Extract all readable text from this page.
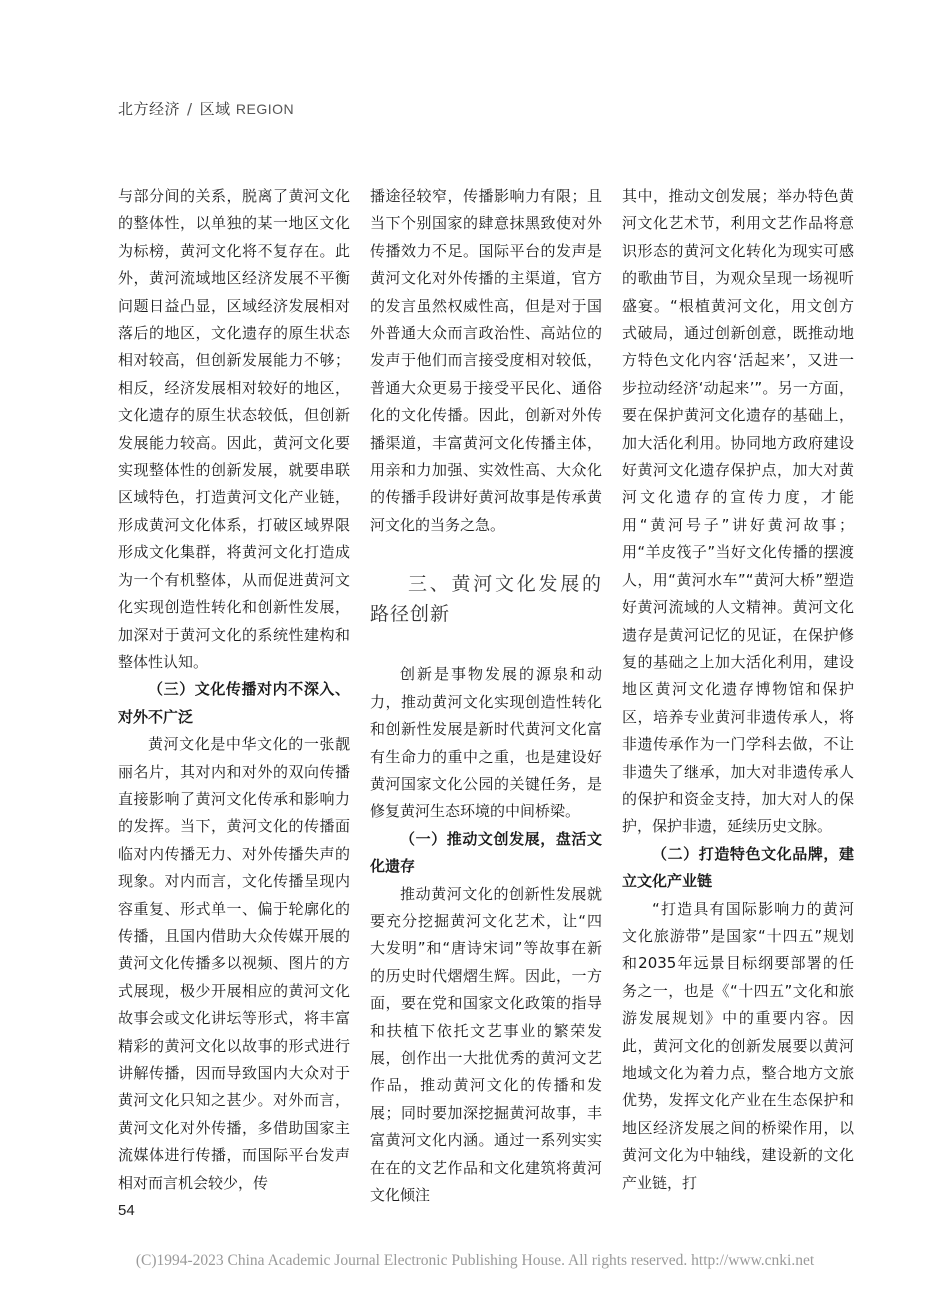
北方经济 / 区域 REGION

与部分间的关系，脱离了黄河文化的整体性，以单独的某一地区文化为标榜，黄河文化将不复存在。此外，黄河流域地区经济发展不平衡问题日益凸显，区域经济发展相对落后的地区，文化遗存的原生状态相对较高，但创新发展能力不够；相反，经济发展相对较好的地区，文化遗存的原生状态较低，但创新发展能力较高。因此，黄河文化要实现整体性的创新发展，就要串联区域特色，打造黄河文化产业链，形成黄河文化体系，打破区域界限形成文化集群，将黄河文化打造成为一个有机整体，从而促进黄河文化实现创造性转化和创新性发展，加深对于黄河文化的系统性建构和整体性认知。

（三）文化传播对内不深入、对外不广泛

黄河文化是中华文化的一张靓丽名片，其对内和对外的双向传播直接影响了黄河文化传承和影响力的发挥。当下，黄河文化的传播面临对内传播无力、对外传播失声的现象。对内而言，文化传播呈现内容重复、形式单一、偏于轮廓化的传播，且国内借助大众传媒开展的黄河文化传播多以视频、图片的方式展现，极少开展相应的黄河文化故事会或文化讲坛等形式，将丰富精彩的黄河文化以故事的形式进行讲解传播，因而导致国内大众对于黄河文化只知之甚少。对外而言，黄河文化对外传播，多借助国家主流媒体进行传播，而国际平台发声相对而言机会较少，传

播途径较窄，传播影响力有限；且当下个别国家的肆意抹黑致使对外传播效力不足。国际平台的发声是黄河文化对外传播的主渠道，官方的发言虽然权威性高，但是对于国外普通大众而言政治性、高站位的发声于他们而言接受度相对较低，普通大众更易于接受平民化、通俗化的文化传播。因此，创新对外传播渠道，丰富黄河文化传播主体，用亲和力加强、实效性高、大众化的传播手段讲好黄河故事是传承黄河文化的当务之急。

三、黄河文化发展的路径创新

创新是事物发展的源泉和动力，推动黄河文化实现创造性转化和创新性发展是新时代黄河文化富有生命力的重中之重，也是建设好黄河国家文化公园的关键任务，是修复黄河生态环境的中间桥梁。

（一）推动文创发展，盘活文化遗存

推动黄河文化的创新性发展就要充分挖掘黄河文化艺术，让“四大发明”和“唐诗宋词”等故事在新的历史时代熠熠生辉。因此，一方面，要在党和国家文化政策的指导和扶植下依托文艺事业的繁荣发展，创作出一大批优秀的黄河文艺作品，推动黄河文化的传播和发展；同时要加深挖掘黄河故事，丰富黄河文化内涵。通过一系列实实在在的文艺作品和文化建筑将黄河文化倾注

其中，推动文创发展；举办特色黄河文化艺术节，利用文艺作品将意识形态的黄河文化转化为现实可感的歌曲节目，为观众呈现一场视听盛宴。“根植黄河文化，用文创方式破局，通过创新创意，既推动地方特色文化内容‘活起来’，又进一步拉动经济‘动起来’”。另一方面，要在保护黄河文化遗存的基础上，加大活化利用。协同地方政府建设好黄河文化遗存保护点，加大对黄河文化遗存的宣传力度，才能用“黄河号子”讲好黄河故事；用“羊皮筏子”当好文化传播的摆渡人，用“黄河水车”“黄河大桥”塑造好黄河流域的人文精神。黄河文化遗存是黄河记忆的见证，在保护修复的基础之上加大活化利用，建设地区黄河文化遗存博物馆和保护区，培养专业黄河非遗传承人，将非遗传承作为一门学科去做，不让非遗失了继承，加大对非遗传承人的保护和资金支持，加大对人的保护，保护非遗，延续历史文脉。

（二）打造特色文化品牌，建立文化产业链

“打造具有国际影响力的黄河文化旅游带”是国家“十四五”规划和2035年远景目标纲要部署的任务之一，也是《“十四五”文化和旅游发展规划》中的重要内容。因此，黄河文化的创新发展要以黄河地域文化为着力点，整合地方文旅优势，发挥文化产业在生态保护和地区经济发展之间的桥梁作用，以黄河文化为中轴线，建设新的文化产业链，打

54
(C)1994-2023 China Academic Journal Electronic Publishing House. All rights reserved. http://www.cnki.net
